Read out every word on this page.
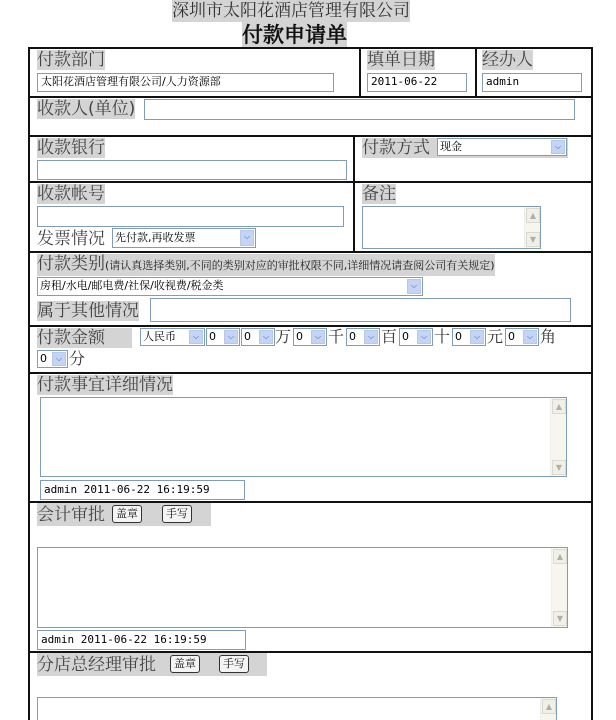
深圳市太阳花酒店管理有限公司
付款申请单
付款部门
太阳花酒店管理有限公司/人力资源部
填单日期
2011-06-22
经办人
admin
收款人(单位)
收款银行	付款方式 现金	⌵
收款帐号
发票情况 先付款,再收发票	⌵
备注
▲
▼
付款类别(请认真选择类别,不同的类别对应的审批权限不同,详细情况请查阅公司有关规定)
房租/水电/邮电费/社保/收视费/税金类	⌵
属于其他情况
付款金额	人民币	⌵ 0	⌵ 0	⌵ 万 0	⌵ 千 0	⌵ 百 0	⌵ 十 0	⌵ 元 0	⌵ 角
0	⌵ 分
付款事宜详细情况
▲
▼
admin 2011-06-22 16:19:59
会计审批	盖章	手写
▲
▼
admin 2011-06-22 16:19:59
分店总经理审批	盖章	手写
▲
